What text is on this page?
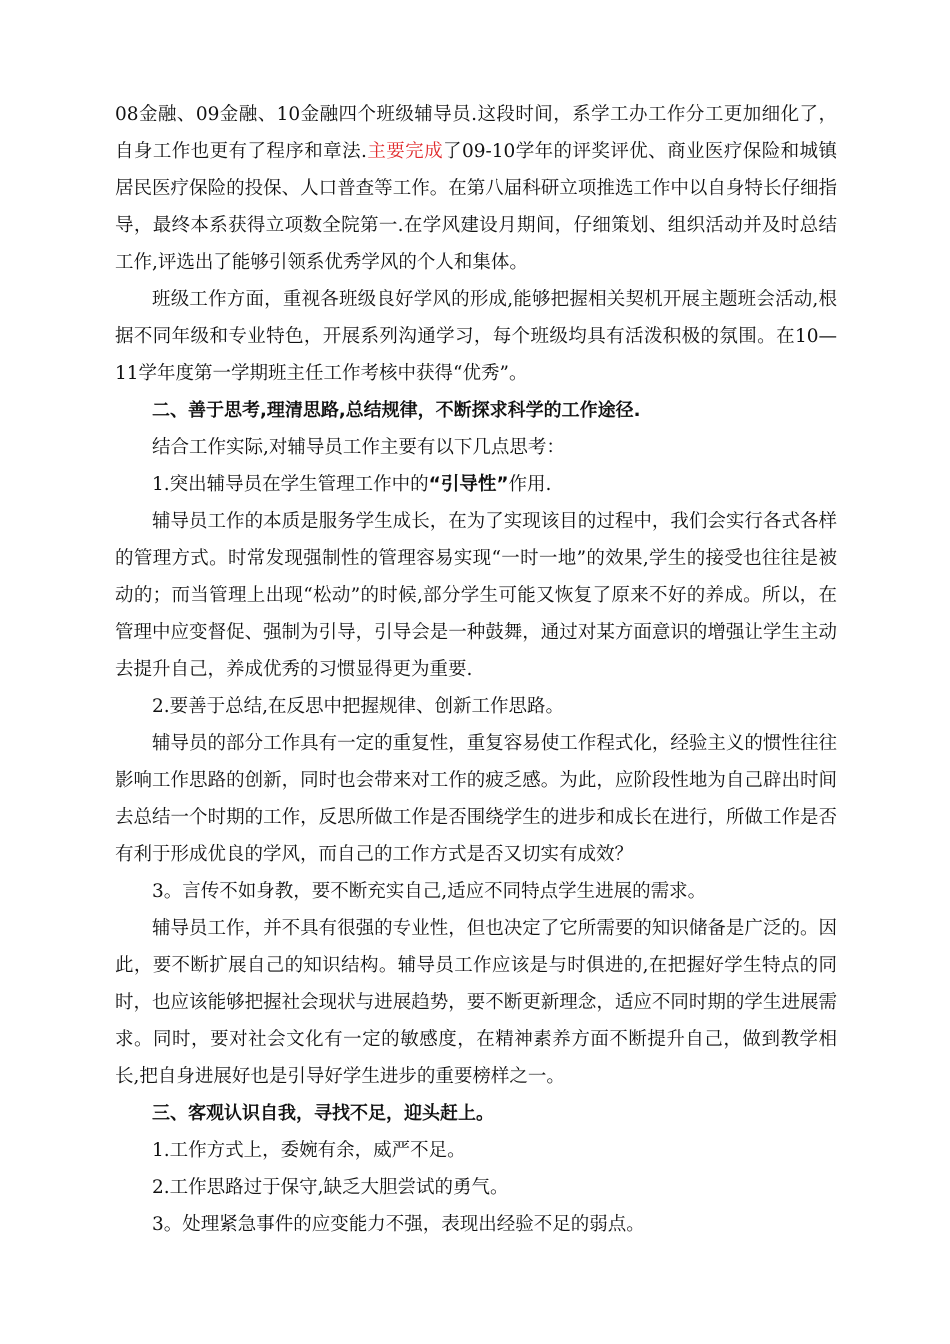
08金融、09金融、10金融四个班级辅导员.这段时间，系学工办工作分工更加细化了，自身工作也更有了程序和章法.主要完成了09-10学年的评奖评优、商业医疗保险和城镇居民医疗保险的投保、人口普查等工作。在第八届科研立项推选工作中以自身特长仔细指导，最终本系获得立项数全院第一.在学风建设月期间，仔细策划、组织活动并及时总结工作,评选出了能够引领系优秀学风的个人和集体。

班级工作方面，重视各班级良好学风的形成,能够把握相关契机开展主题班会活动,根据不同年级和专业特色，开展系列沟通学习，每个班级均具有活泼积极的氛围。在10—11学年度第一学期班主任工作考核中获得“优秀”。

二、善于思考,理清思路,总结规律，不断探求科学的工作途径.

结合工作实际,对辅导员工作主要有以下几点思考：

1.突出辅导员在学生管理工作中的“引导性”作用.

辅导员工作的本质是服务学生成长，在为了实现该目的过程中，我们会实行各式各样的管理方式。时常发现强制性的管理容易实现“一时一地”的效果,学生的接受也往往是被动的；而当管理上出现“松动”的时候,部分学生可能又恢复了原来不好的养成。所以，在管理中应变督促、强制为引导，引导会是一种鼓舞，通过对某方面意识的增强让学生主动去提升自己，养成优秀的习惯显得更为重要.

2.要善于总结,在反思中把握规律、创新工作思路。

辅导员的部分工作具有一定的重复性，重复容易使工作程式化，经验主义的惯性往往影响工作思路的创新，同时也会带来对工作的疲乏感。为此，应阶段性地为自己辟出时间去总结一个时期的工作，反思所做工作是否围绕学生的进步和成长在进行，所做工作是否有利于形成优良的学风，而自己的工作方式是否又切实有成效？

3。言传不如身教，要不断充实自己,适应不同特点学生进展的需求。

辅导员工作，并不具有很强的专业性，但也决定了它所需要的知识储备是广泛的。因此，要不断扩展自己的知识结构。辅导员工作应该是与时俱进的,在把握好学生特点的同时，也应该能够把握社会现状与进展趋势，要不断更新理念，适应不同时期的学生进展需求。同时，要对社会文化有一定的敏感度，在精神素养方面不断提升自己，做到教学相长,把自身进展好也是引导好学生进步的重要榜样之一。

三、客观认识自我，寻找不足，迎头赶上。

1.工作方式上，委婉有余，威严不足。

2.工作思路过于保守,缺乏大胆尝试的勇气。

3。处理紧急事件的应变能力不强，表现出经验不足的弱点。
